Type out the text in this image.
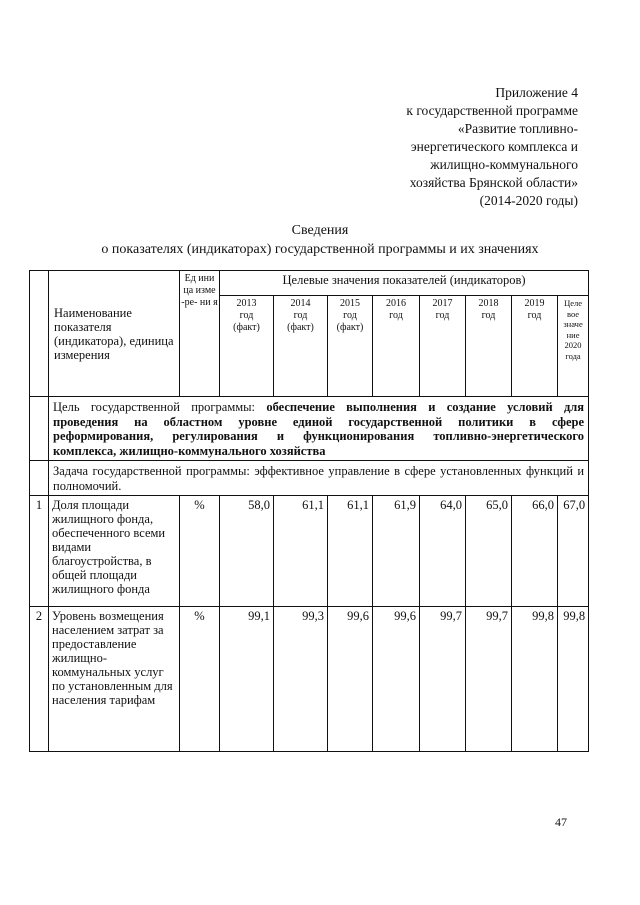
Приложение 4
к государственной программе
«Развитие топливно-
энергетического комплекса и
жилищно-коммунального
хозяйства Брянской области»
(2014-2020 годы)
Сведения
о показателях (индикаторах) государственной программы и их значениях
	Наименование показателя (индикатора), единица измерения	Ед ини ца изме -ре- ни я	Целевые значения показателей (индикаторов)							
			2013
год
(факт)	2014
год
(факт)	2015
год
(факт)	2016
год	2017
год	2018
год	2019
год	Целе вое значе ние 2020 года
	Цель государственной программы: обеспечение выполнения и создание условий для проведения на областном уровне единой государственной политики в сфере реформирования, регулирования и функционирования топливно-энергетического комплекса, жилищно-коммунального хозяйства									
	Задача государственной программы: эффективное управление в сфере установленных функций и полномочий.									
1	Доля площади жилищного фонда, обеспеченного всеми видами благоустройства, в общей площади жилищного фонда	%	58,0	61,1	61,1	61,9	64,0	65,0	66,0	67,0
2	Уровень возмещения населением затрат за предоставление жилищно-коммунальных услуг по установленным для населения тарифам	%	99,1	99,3	99,6	99,6	99,7	99,7	99,8	99,8
47
